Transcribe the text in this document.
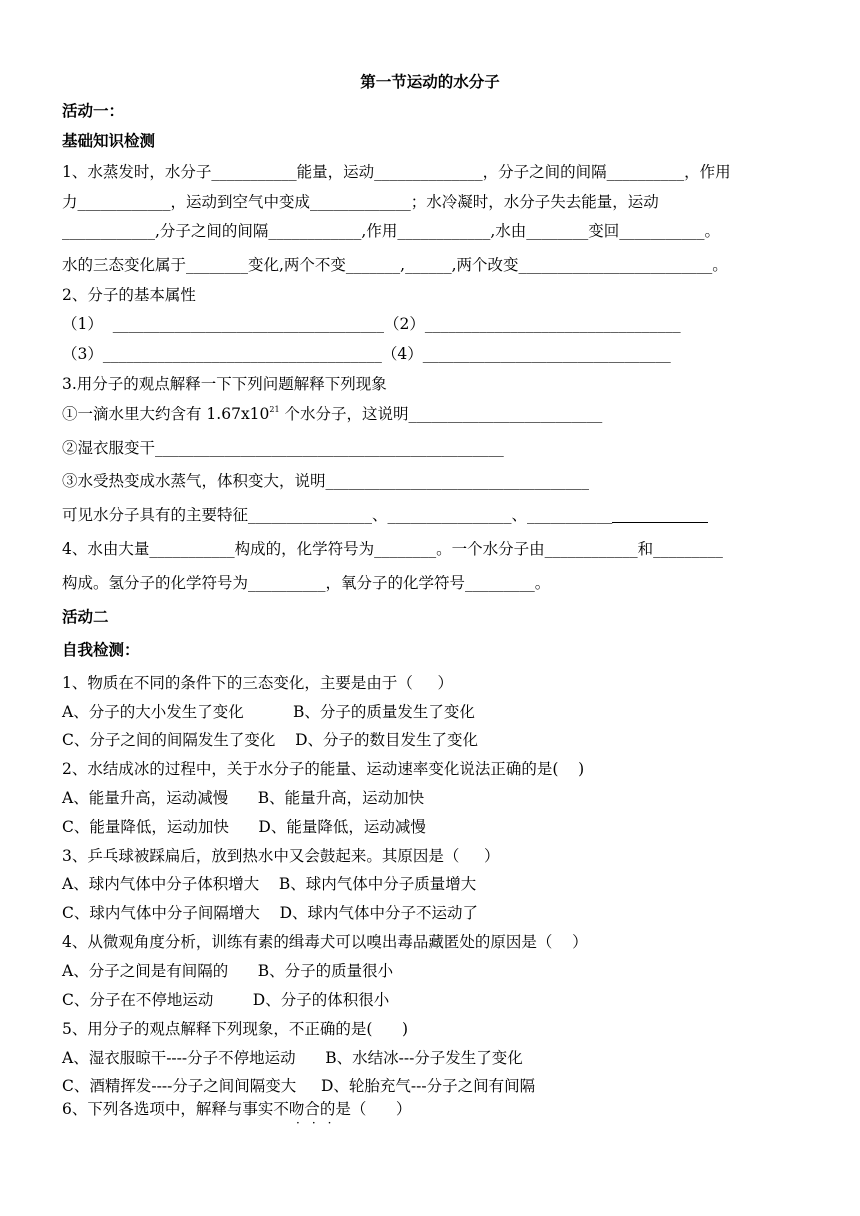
第一节运动的水分子
活动一：
基础知识检测
1、水蒸发时，水分子___________能量，运动______________，分子之间的间隔__________，作用
力____________，运动到空气中变成_____________；水冷凝时，水分子失去能量，运动
____________,分子之间的间隔____________,作用____________,水由________变回___________。
水的三态变化属于________变化,两个不变_______,______,两个改变_________________________。
2、分子的基本属性
（1）  ___________________________________（2）_________________________________
（3）____________________________________（4）________________________________
3.用分子的观点解释一下下列问题解释下列现象
①一滴水里大约含有 $1.67x10^{21}$ 个水分子，这说明_________________________
②湿衣服变干_____________________________________________
③水受热变成水蒸气，体积变大，说明__________________________________
可见水分子具有的主要特征________________、________________、___________
4、水由大量___________构成的，化学符号为________。一个水分子由____________和_________
构成。氢分子的化学符号为__________，氧分子的化学符号_________。
活动二
自我检测：
1、物质在不同的条件下的三态变化，主要是由于（     ）
A、分子的大小发生了变化          B、分子的质量发生了变化
C、分子之间的间隔发生了变化    D、分子的数目发生了变化
2、水结成冰的过程中，关于水分子的能量、运动速率变化说法正确的是(    )
A、能量升高，运动减慢      B、能量升高，运动加快
C、能量降低，运动加快      D、能量降低，运动减慢
3、乒乓球被踩扁后，放到热水中又会鼓起来。其原因是（     ）
A、球内气体中分子体积增大    B、球内气体中分子质量增大
C、球内气体中分子间隔增大    D、球内气体中分子不运动了
4、从微观角度分析，训练有素的缉毒犬可以嗅出毒品藏匿处的原因是（    ）
A、分子之间是有间隔的      B、分子的质量很小
C、分子在不停地运动        D、分子的体积很小
5、用分子的观点解释下列现象，不正确的是(      )
A、湿衣服晾干----分子不停地运动      B、水结冰---分子发生了变化
C、酒精挥发----分子之间间隔变大     D、轮胎充气---分子之间有间隔
6、下列各选项中，解释与事实不吻合的是（      ）
···
